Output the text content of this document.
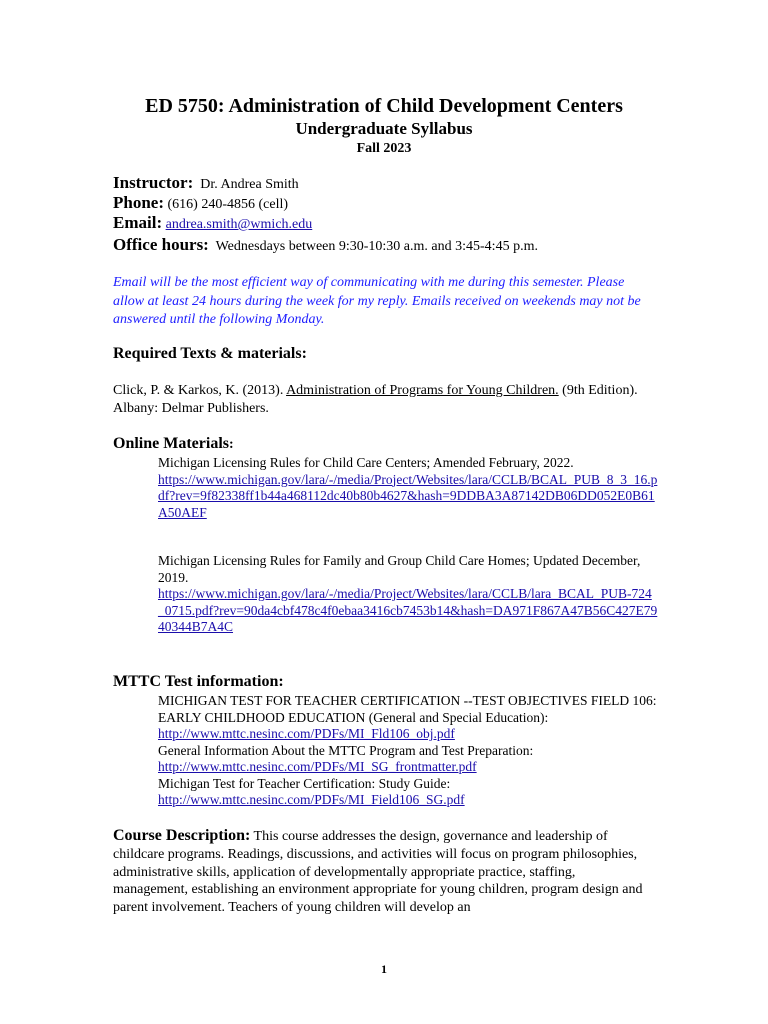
ED 5750: Administration of Child Development Centers
Undergraduate Syllabus
Fall 2023
Instructor: Dr. Andrea Smith
Phone: (616) 240-4856 (cell)
Email: andrea.smith@wmich.edu
Office hours: Wednesdays between 9:30-10:30 a.m. and 3:45-4:45 p.m.
Email will be the most efficient way of communicating with me during this semester. Please allow at least 24 hours during the week for my reply. Emails received on weekends may not be answered until the following Monday.
Required Texts & materials:
Click, P. & Karkos, K. (2013). Administration of Programs for Young Children. (9th Edition). Albany: Delmar Publishers.
Online Materials:
Michigan Licensing Rules for Child Care Centers; Amended February, 2022.
https://www.michigan.gov/lara/-/media/Project/Websites/lara/CCLB/BCAL_PUB_8_3_16.pdf?rev=9f82338ff1b44a468112dc40b80b4627&hash=9DDBA3A87142DB06DD052E0B61A50AEF
Michigan Licensing Rules for Family and Group Child Care Homes; Updated December, 2019.
https://www.michigan.gov/lara/-/media/Project/Websites/lara/CCLB/lara_BCAL_PUB-724_0715.pdf?rev=90da4cbf478c4f0ebaa3416cb7453b14&hash=DA971F867A47B56C427E7940344B7A4C
MTTC Test information:
MICHIGAN TEST FOR TEACHER CERTIFICATION --TEST OBJECTIVES FIELD 106: EARLY CHILDHOOD EDUCATION (General and Special Education):
http://www.mttc.nesinc.com/PDFs/MI_Fld106_obj.pdf
General Information About the MTTC Program and Test Preparation:
http://www.mttc.nesinc.com/PDFs/MI_SG_frontmatter.pdf
Michigan Test for Teacher Certification: Study Guide:
http://www.mttc.nesinc.com/PDFs/MI_Field106_SG.pdf
Course Description: This course addresses the design, governance and leadership of childcare programs. Readings, discussions, and activities will focus on program philosophies, administrative skills, application of developmentally appropriate practice, staffing, management, establishing an environment appropriate for young children, program design and parent involvement. Teachers of young children will develop an
1
